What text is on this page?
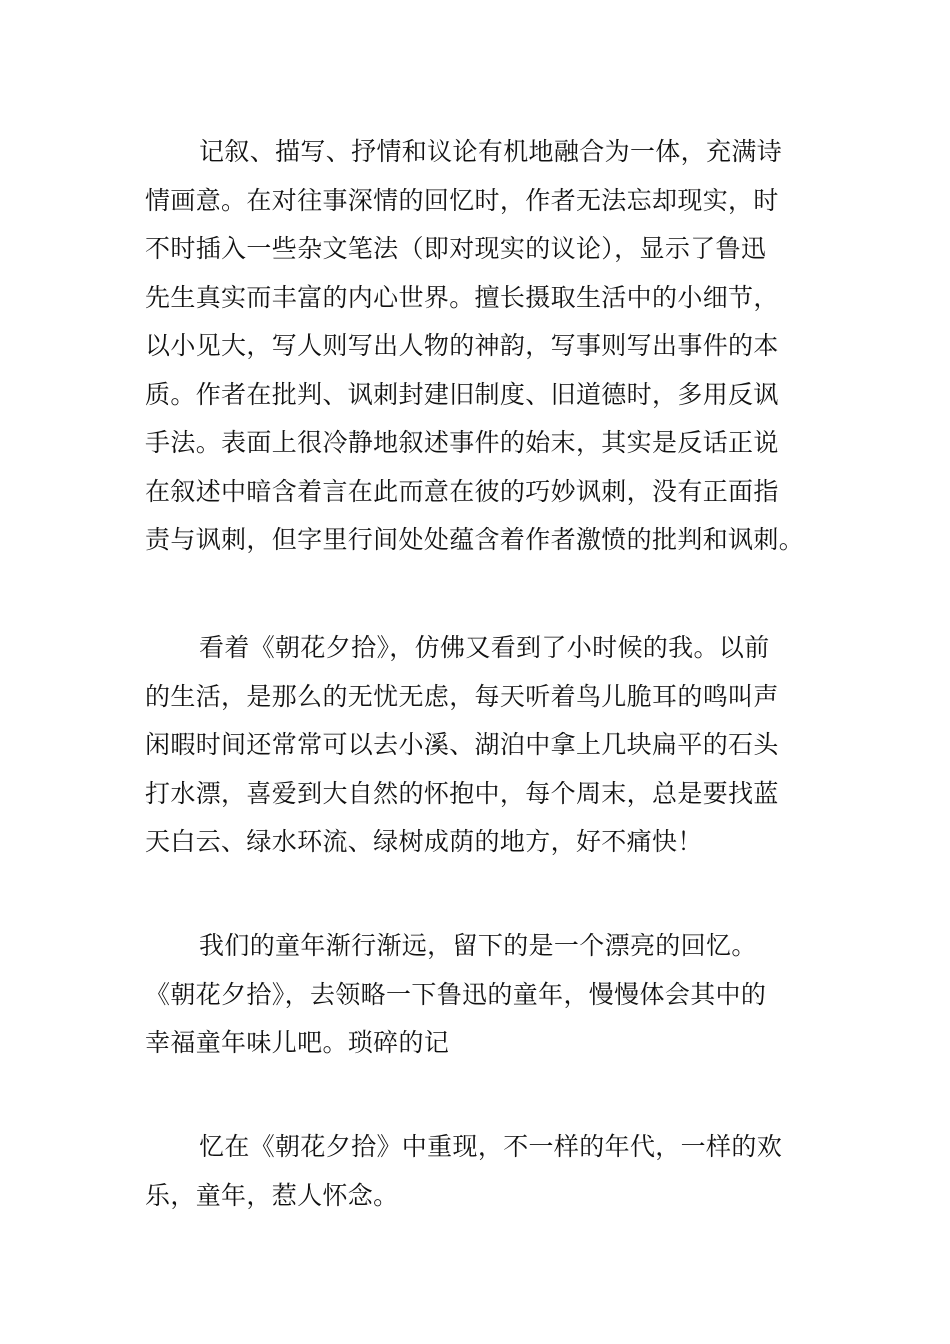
记叙、描写、抒情和议论有机地融合为一体，充满诗
情画意。在对往事深情的回忆时，作者无法忘却现实，时
不时插入一些杂文笔法（即对现实的议论），显示了鲁迅
先生真实而丰富的内心世界。擅长摄取生活中的小细节，
以小见大，写人则写出人物的神韵，写事则写出事件的本
质。作者在批判、讽刺封建旧制度、旧道德时，多用反讽
手法。表面上很冷静地叙述事件的始末，其实是反话正说
在叙述中暗含着言在此而意在彼的巧妙讽刺，没有正面指
责与讽刺，但字里行间处处蕴含着作者激愤的批判和讽刺。
看着《朝花夕拾》，仿佛又看到了小时候的我。以前
的生活，是那么的无忧无虑，每天听着鸟儿脆耳的鸣叫声
闲暇时间还常常可以去小溪、湖泊中拿上几块扁平的石头
打水漂，喜爱到大自然的怀抱中，每个周末，总是要找蓝
天白云、绿水环流、绿树成荫的地方，好不痛快！
我们的童年渐行渐远，留下的是一个漂亮的回忆。
《朝花夕拾》，去领略一下鲁迅的童年，慢慢体会其中的
幸福童年味儿吧。琐碎的记
忆在《朝花夕拾》中重现，不一样的年代，一样的欢
乐，童年，惹人怀念。
